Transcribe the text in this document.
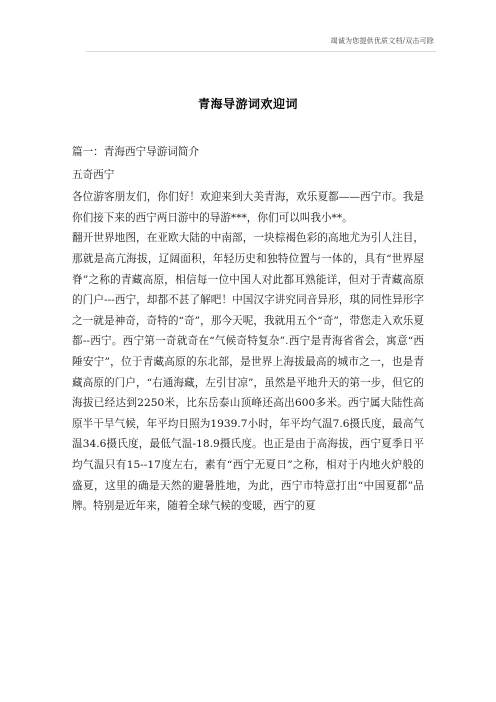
竭诚为您提供优质文档/双击可除
青海导游词欢迎词

篇一：青海西宁导游词简介

五奇西宁

各位游客朋友们，你们好！欢迎来到大美青海，欢乐夏都——西宁市。我是你们接下来的西宁两日游中的导游***，你们可以叫我小**。

翻开世界地图，在亚欧大陆的中南部，一块棕褐色彩的高地尤为引人注目，那就是高亢海拔，辽阔面积，年轻历史和独特位置与一体的，具有“世界屋脊”之称的青藏高原，相信每一位中国人对此都耳熟能详，但对于青藏高原的门户---西宁，却都不甚了解吧！中国汉字讲究同音异形，琪的同性异形字之一就是神奇，奇特的“奇”，那今天呢，我就用五个“奇”，带您走入欢乐夏都--西宁。西宁第一奇就奇在“气候奇特复杂”.西宁是青海省省会，寓意“西陲安宁”，位于青藏高原的东北部，是世界上海拔最高的城市之一，也是青藏高原的门户，“右通海藏，左引甘凉”，虽然是平地升天的第一步，但它的海拔已经达到2250米，比东岳泰山顶峰还高出600多米。西宁属大陆性高原半干旱气候，年平均日照为1939.7小时，年平均气温7.6摄氏度，最高气温34.6摄氏度，最低气温-18.9摄氏度。也正是由于高海拔，西宁夏季日平均气温只有15--17度左右，素有“西宁无夏日”之称，相对于内地火炉般的盛夏，这里的确是天然的避暑胜地，为此，西宁市特意打出“中国夏都”品牌。特别是近年来，随着全球气候的变暖，西宁的夏
